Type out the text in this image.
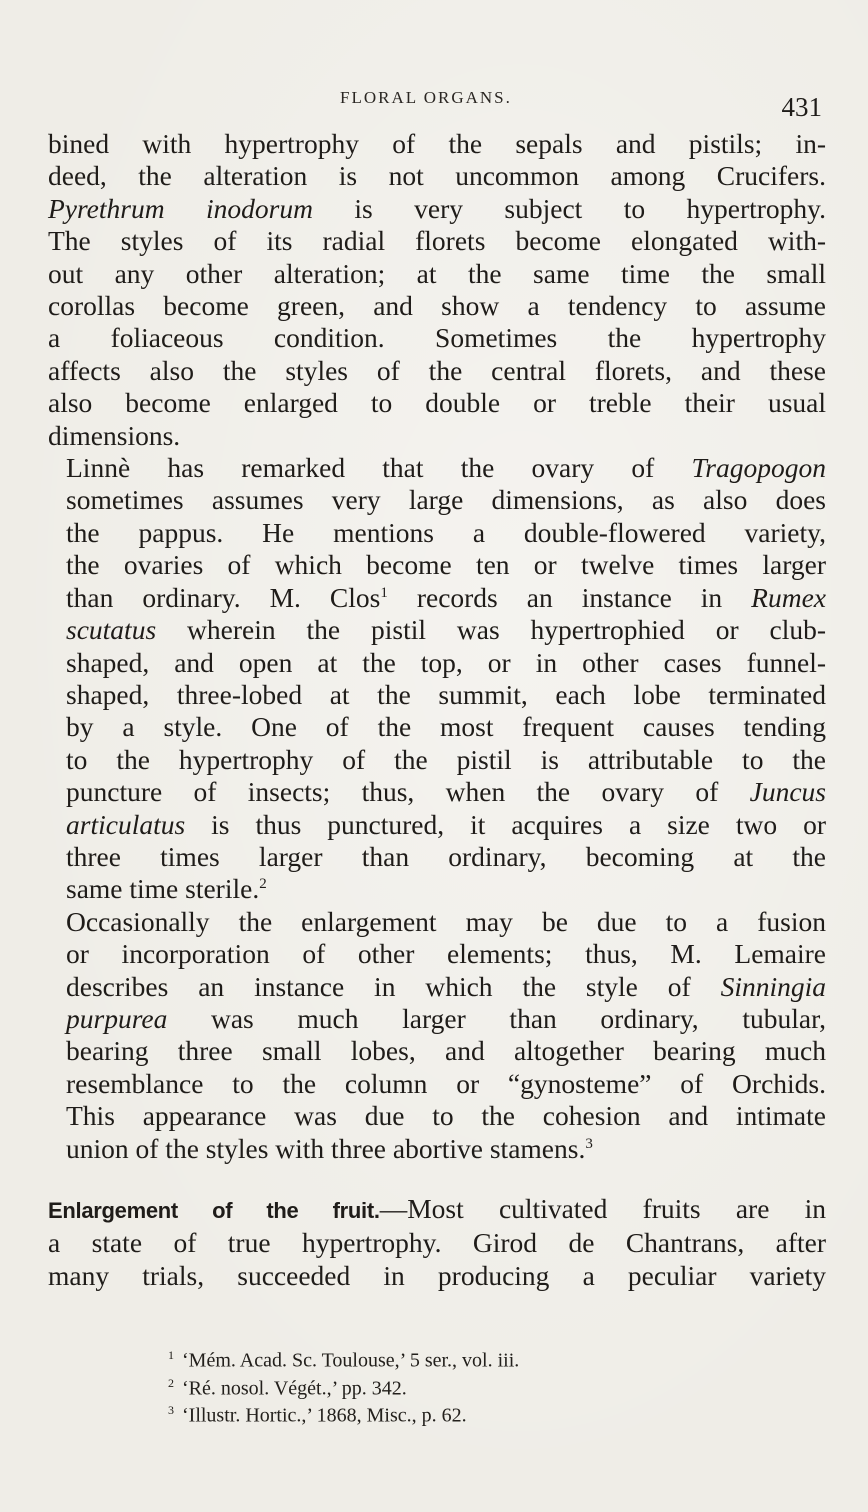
FLORAL ORGANS.	431

bined with hypertrophy of the sepals and pistils; in-
deed, the alteration is not uncommon among Crucifers.
Pyrethrum inodorum is very subject to hypertrophy.
The styles of its radial florets become elongated with-
out any other alteration; at the same time the small
corollas become green, and show a tendency to assume
a foliaceous condition. Sometimes the hypertrophy
affects also the styles of the central florets, and these
also become enlarged to double or treble their usual
dimensions.

Linnè has remarked that the ovary of Tragopogon
sometimes assumes very large dimensions, as also does
the pappus. He mentions a double-flowered variety,
the ovaries of which become ten or twelve times larger
than ordinary. M. Clos$^1$ records an instance in Rumex
scutatus wherein the pistil was hypertrophied or club-
shaped, and open at the top, or in other cases funnel-
shaped, three-lobed at the summit, each lobe terminated
by a style. One of the most frequent causes tending
to the hypertrophy of the pistil is attributable to the
puncture of insects; thus, when the ovary of Juncus
articulatus is thus punctured, it acquires a size two or
three times larger than ordinary, becoming at the
same time sterile.$^2$

Occasionally the enlargement may be due to a fusion
or incorporation of other elements; thus, M. Lemaire
describes an instance in which the style of Sinningia
purpurea was much larger than ordinary, tubular,
bearing three small lobes, and altogether bearing much
resemblance to the column or “gynosteme” of Orchids.
This appearance was due to the cohesion and intimate
union of the styles with three abortive stamens.$^3$

Enlargement of the fruit.—Most cultivated fruits are in
a state of true hypertrophy. Girod de Chantrans, after
many trials, succeeded in producing a peculiar variety

$^1$ ‘Mém. Acad. Sc. Toulouse,’ 5 ser., vol. iii.
$^2$ ‘Ré. nosol. Végét.,’ pp. 342.
$^3$ ‘Illustr. Hortic.,’ 1868, Misc., p. 62.
